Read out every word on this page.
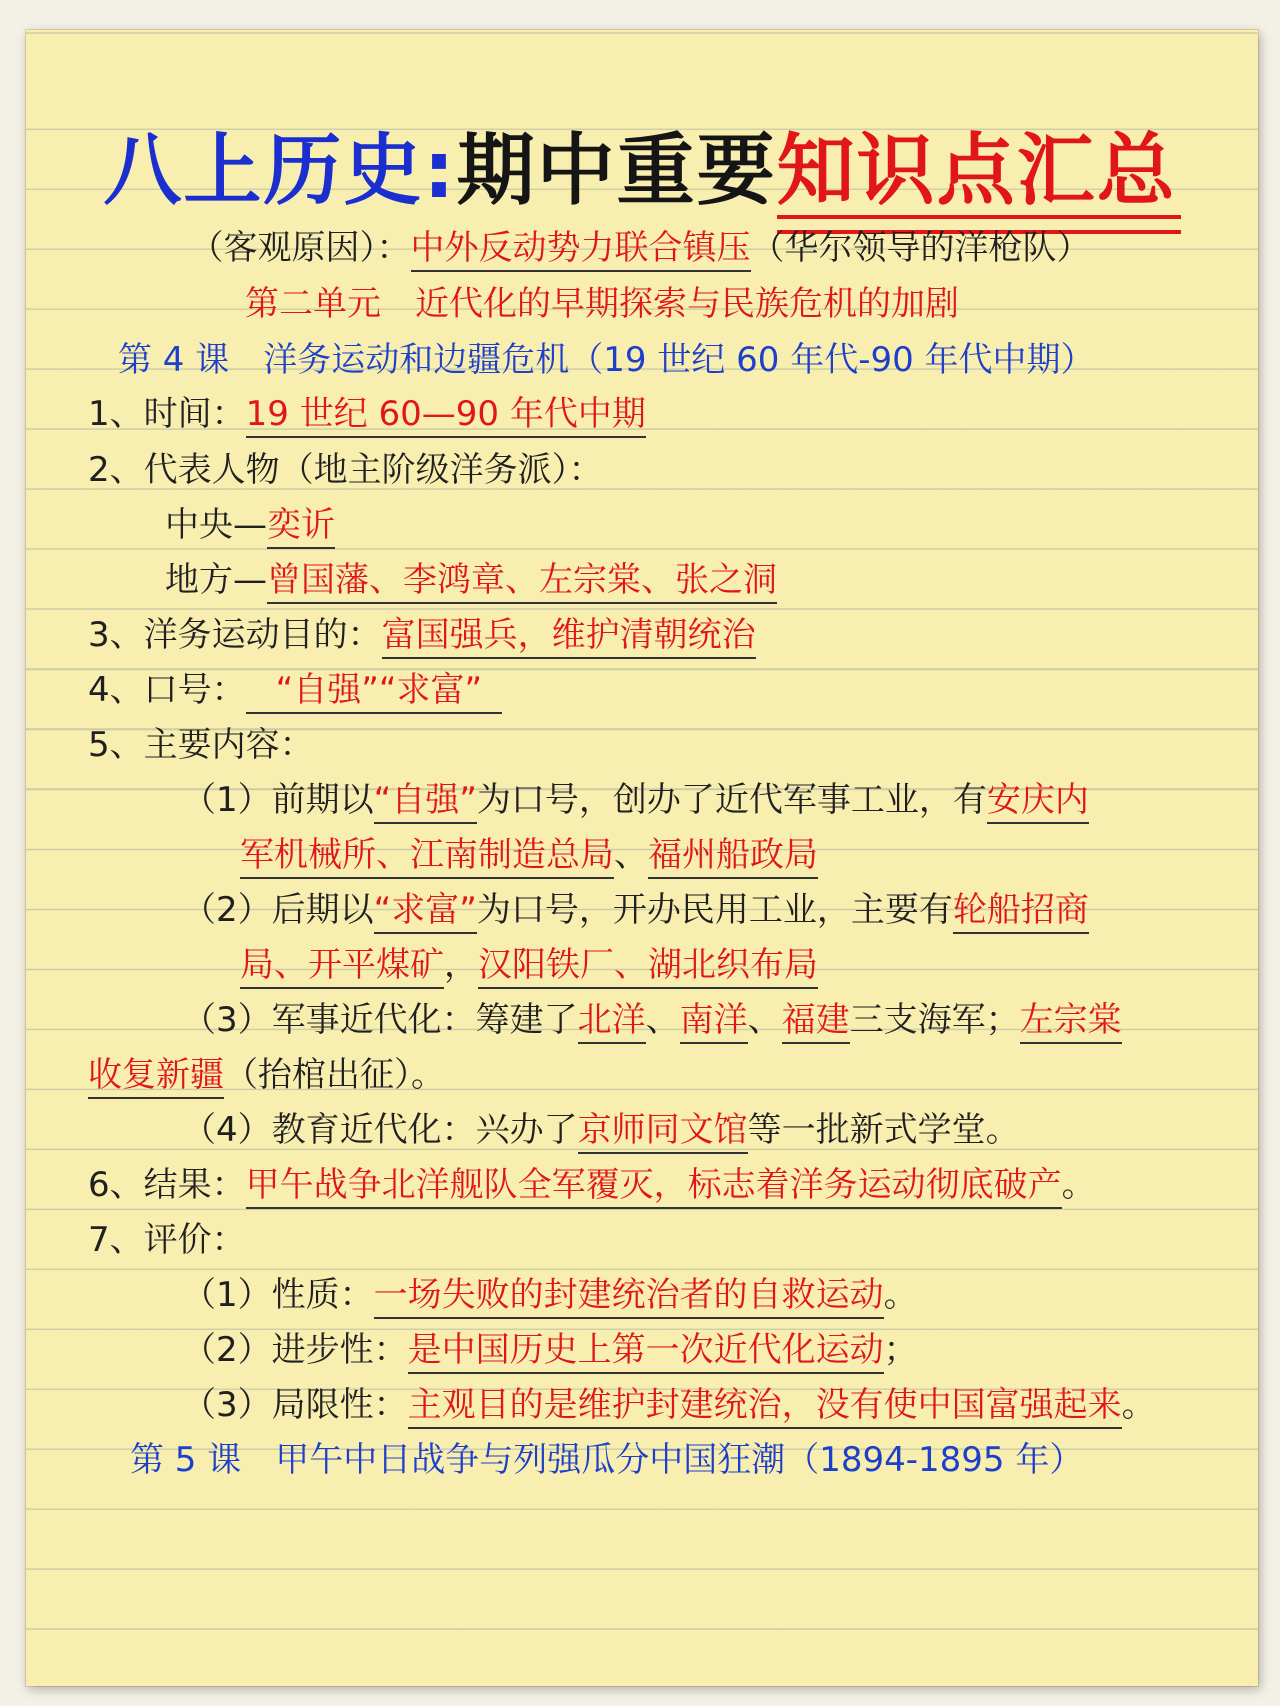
八上历史:期中重要知识点汇总
（客观原因）：中外反动势力联合镇压（华尔领导的洋枪队）
第二单元　近代化的早期探索与民族危机的加剧
第 4 课　洋务运动和边疆危机（19 世纪 60 年代-90 年代中期）
1、时间：19 世纪 60—90 年代中期
2、代表人物（地主阶级洋务派）：
中央—奕䜣
地方—曾国藩、李鸿章、左宗棠、张之洞
3、洋务运动目的：富国强兵，维护清朝统治
4、口号： “自强”“求富”
5、主要内容：
（1）前期以“自强”为口号，创办了近代军事工业，有安庆内
军机械所、江南制造总局、福州船政局
（2）后期以“求富”为口号，开办民用工业，主要有轮船招商
局、开平煤矿，汉阳铁厂、湖北织布局
（3）军事近代化：筹建了北洋、南洋、福建三支海军；左宗棠
收复新疆（抬棺出征）。
（4）教育近代化：兴办了京师同文馆等一批新式学堂。
6、结果：甲午战争北洋舰队全军覆灭，标志着洋务运动彻底破产。
7、评价：
（1）性质：一场失败的封建统治者的自救运动。
（2）进步性：是中国历史上第一次近代化运动；
（3）局限性：主观目的是维护封建统治，没有使中国富强起来。
第 5 课　甲午中日战争与列强瓜分中国狂潮（1894-1895 年）
